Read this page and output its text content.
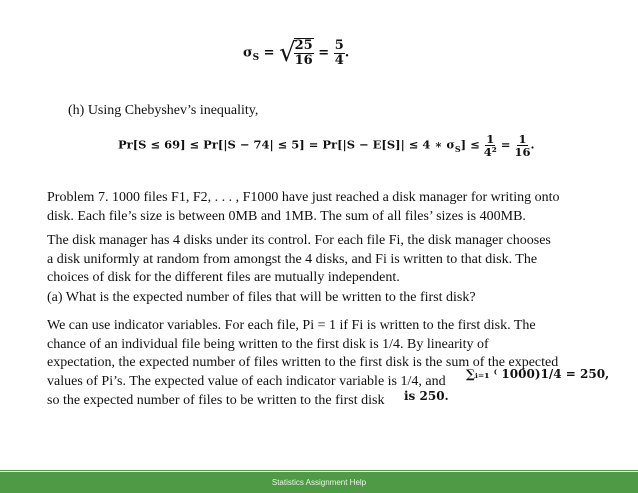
$\sigma_S$ = √
$\frac{25}{16} = \frac{5}{4}$ .
(h) Using Chebyshev’s inequality,
Pr[S ≤ 69] ≤ Pr[|S − 74| ≤ 5] = Pr[|S − E[S]| ≤ 4 ∗ $\sigma_S] \le \frac{1}{\text{4²}} = \frac{1}{16}$ .
Problem 7. 1000 files F1, F2, . . . , F1000 have just reached a disk manager for writing onto
disk. Each file’s size is between 0MB and 1MB. The sum of all files’ sizes is 400MB.
The disk manager has 4 disks under its control. For each file Fi, the disk manager chooses
a disk uniformly at random from amongst the 4 disks, and Fi is written to that disk. The
choices of disk for the different files are mutually independent.
(a) What is the expected number of files that will be written to the first disk?
We can use indicator variables. For each file, Pi = 1 if Fi is written to the first disk. The
chance of an individual file being written to the first disk is 1/4. By linearity of
expectation, the expected number of files written to the first disk is the sum of the expected
values of Pi’s. The expected value of each indicator variable is 1/4, and	∑ᵢ₌₁ ⁽ 1000)1/4 = 250,
so the expected number of files to be written to the first disk is 250.
Statistics Assignment Help
